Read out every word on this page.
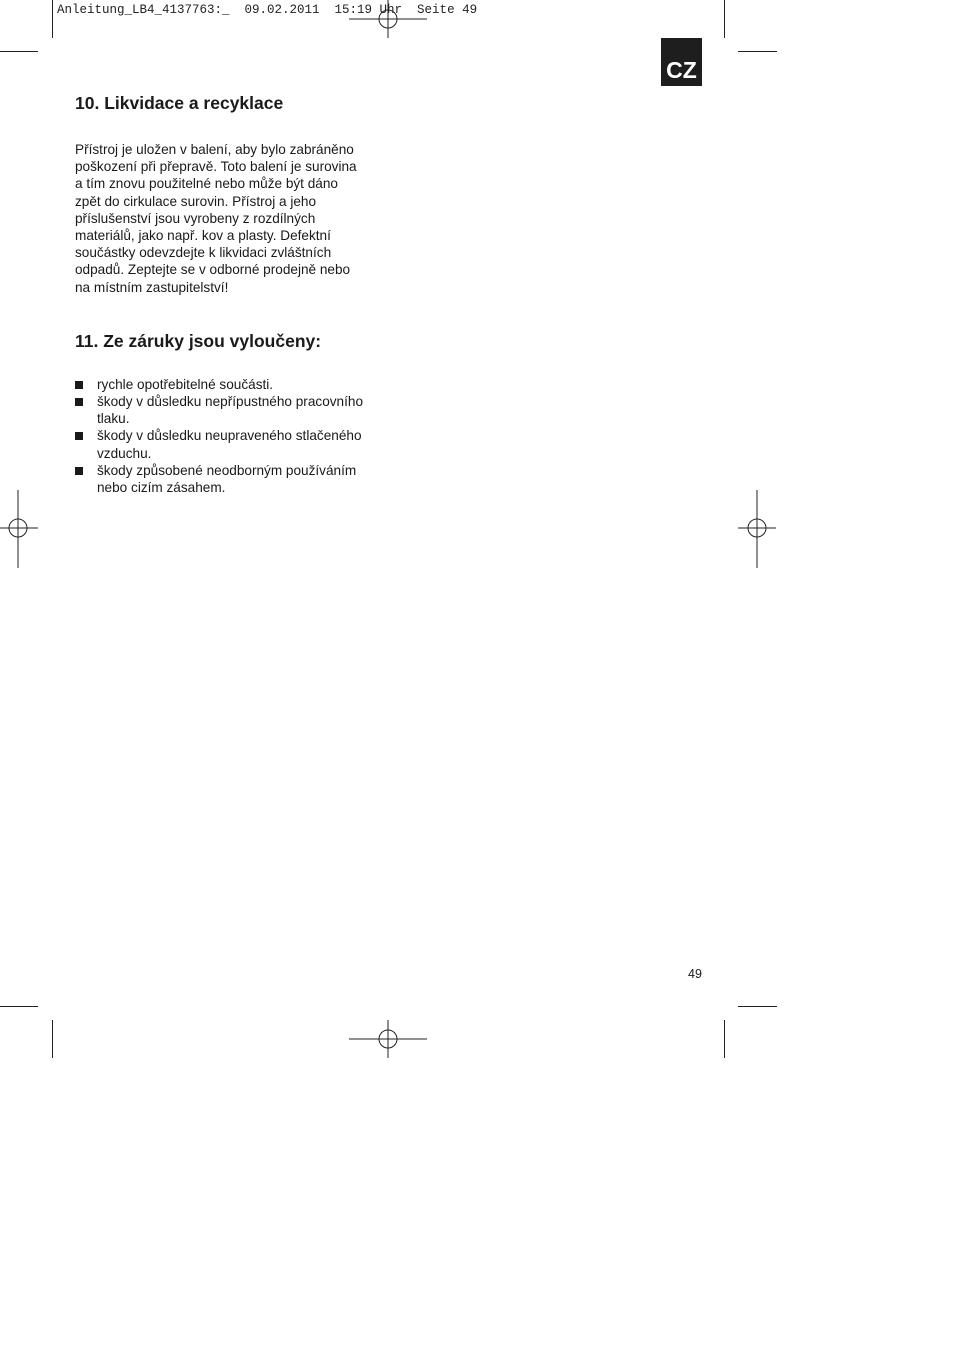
Anleitung_LB4_4137763:_  09.02.2011  15:19 Uhr  Seite 49
CZ
10. Likvidace a recyklace
Přístroj je uložen v balení, aby bylo zabráněno
poškození při přepravě. Toto balení je surovina
a tím znovu použitelné nebo může být dáno
zpět do cirkulace surovin. Přístroj a jeho
příslušenství jsou vyrobeny z rozdílných
materiálů, jako např. kov a plasty. Defektní
součástky odevzdejte k likvidaci zvláštních
odpadů. Zeptejte se v odborné prodejně nebo
na místním zastupitelství!
11. Ze záruky jsou vyloučeny:
rychle opotřebitelné součásti.
škody v důsledku nepřípustného pracovního
tlaku.
škody v důsledku neupraveného stlačeného
vzduchu.
škody způsobené neodborným používáním
nebo cizím zásahem.
49
